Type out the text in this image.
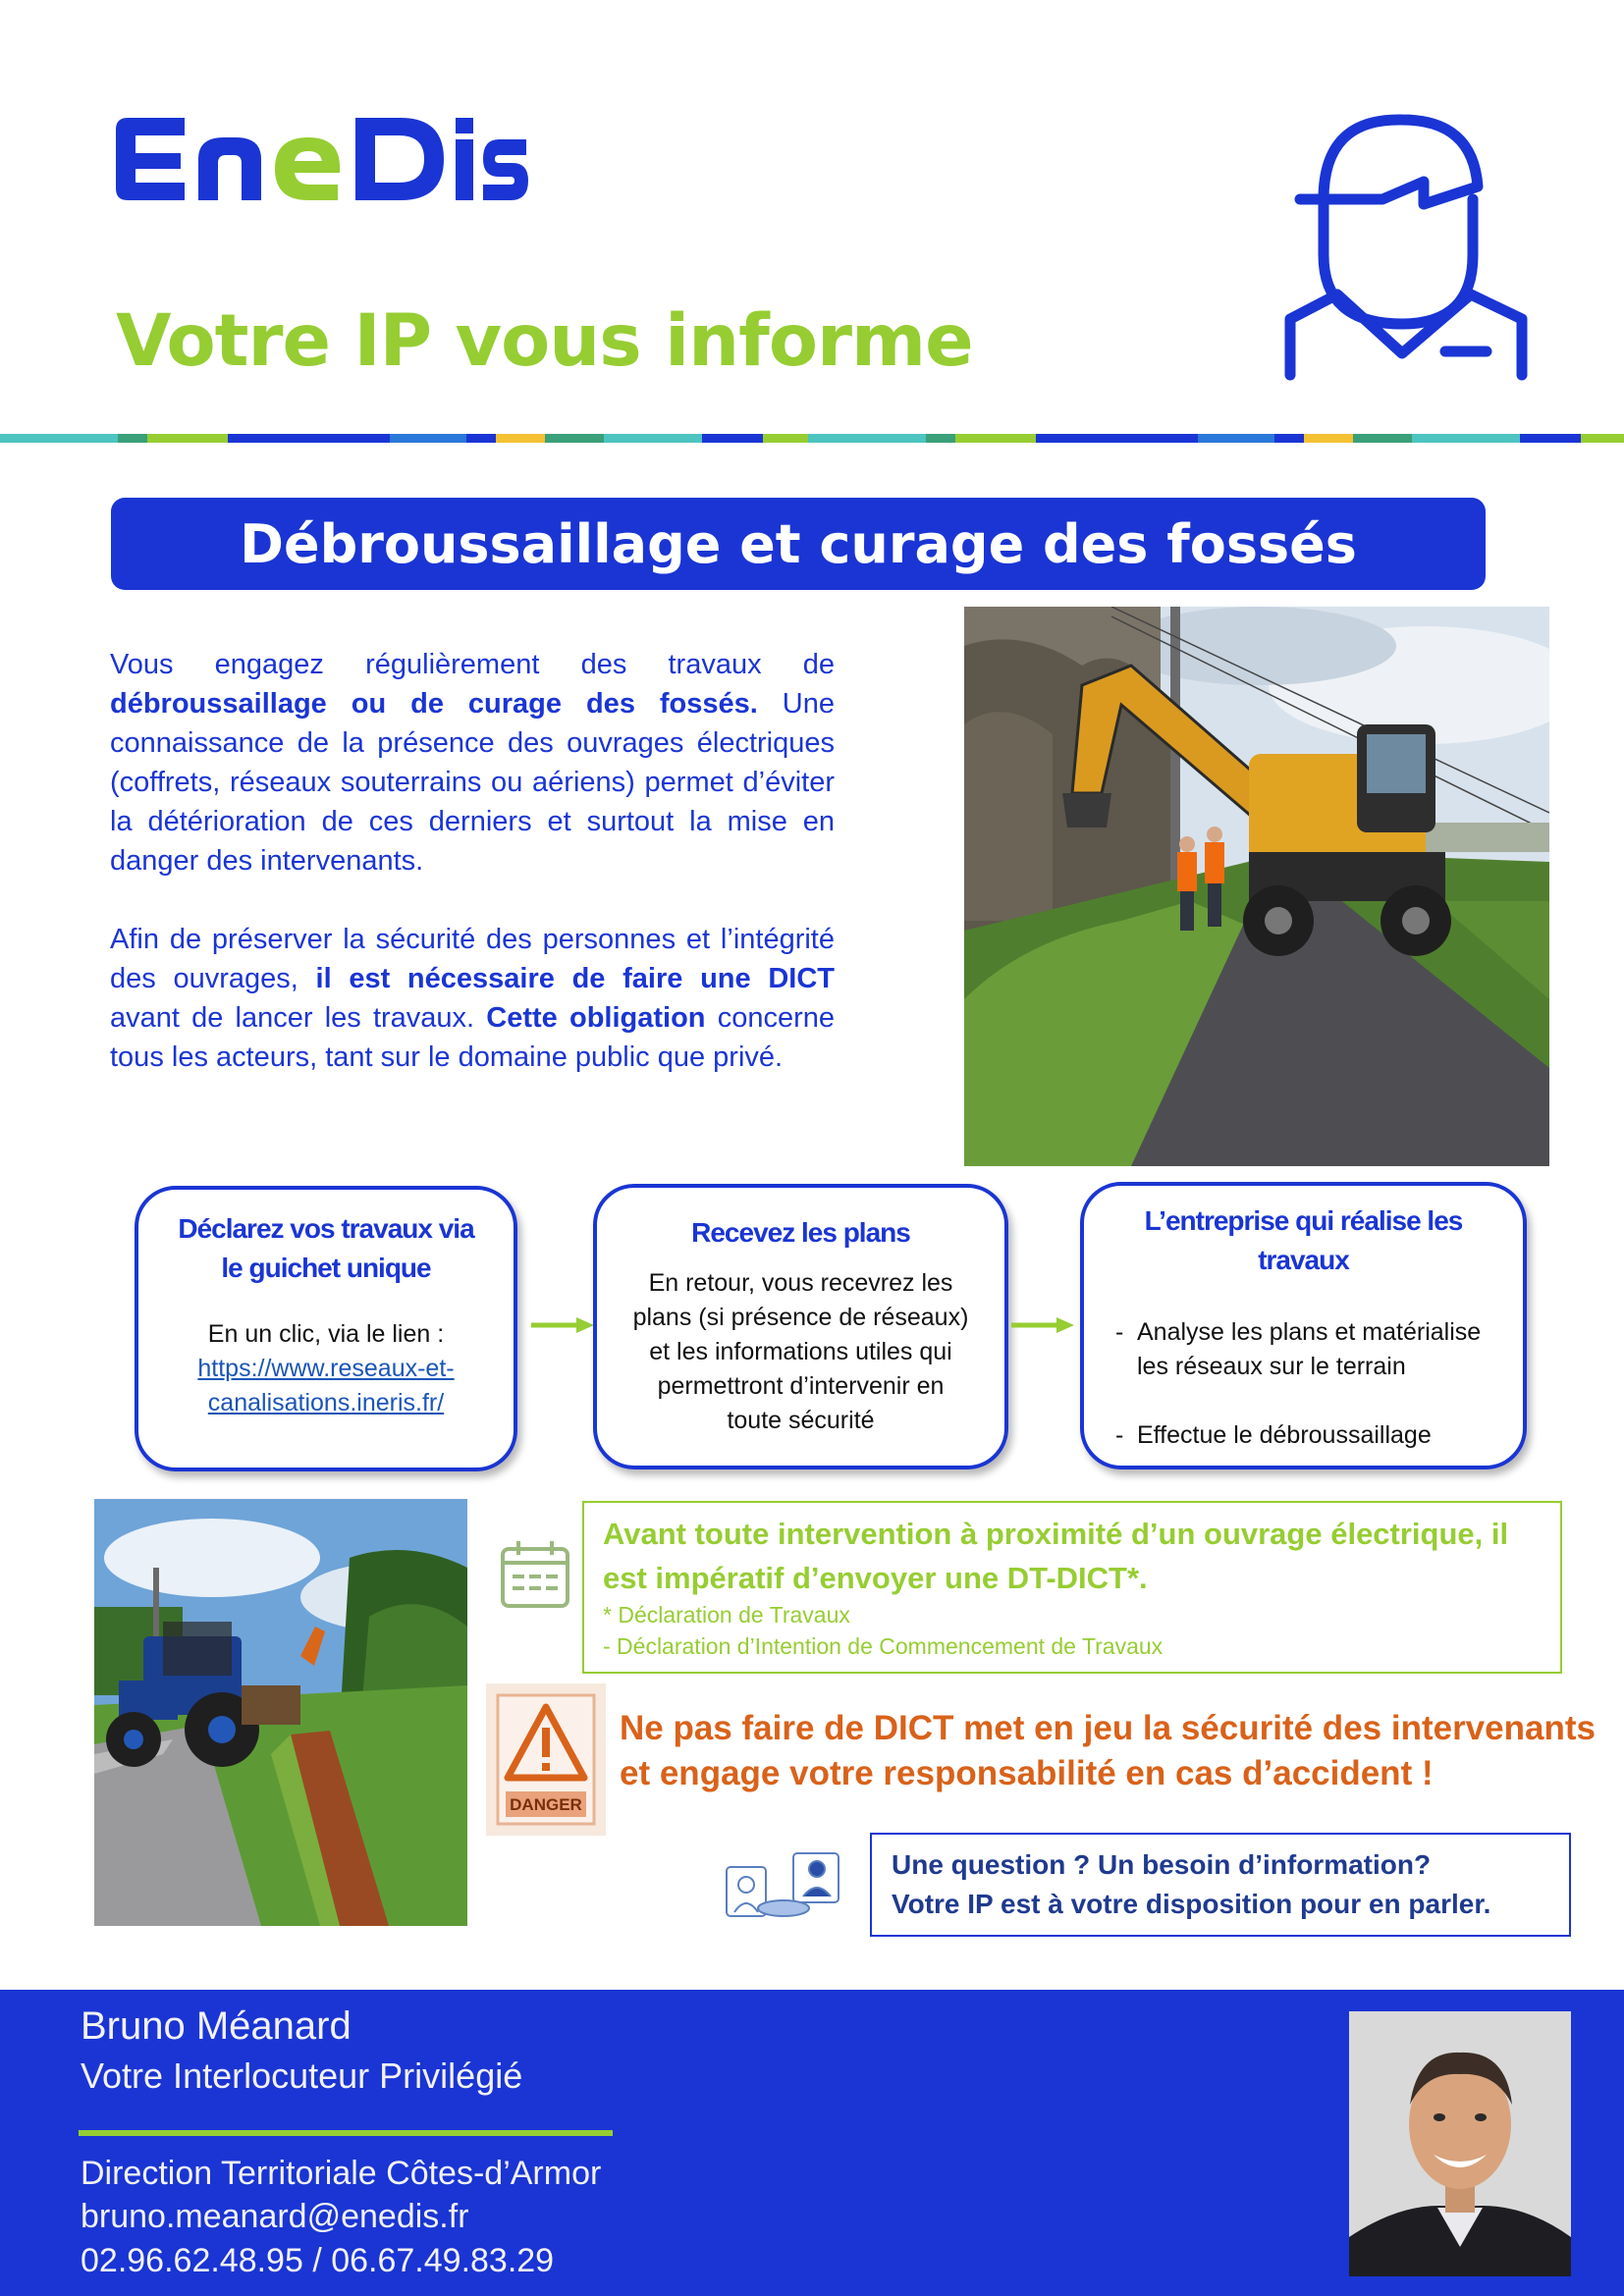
Votre IP vous informe
Débroussaillage et curage des fossés
Vous engagez régulièrement des travaux de débroussaillage ou de curage des fossés. Une connaissance de la présence des ouvrages électriques (coffrets, réseaux souterrains ou aériens) permet d’éviter la détérioration de ces derniers et surtout la mise en danger des intervenants.
Afin de préserver la sécurité des personnes et l’intégrité des ouvrages, il est nécessaire de faire une DICT avant de lancer les travaux. Cette obligation concerne tous les acteurs, tant sur le domaine public que privé.
Déclarez vos travaux via
le guichet unique
En un clic, via le lien :
https://www.reseaux-et-
canalisations.ineris.fr/
Recevez les plans
En retour, vous recevrez les
plans (si présence de réseaux)
et les informations utiles qui
permettront d’intervenir en
toute sécurité
L’entreprise qui réalise les
travaux
- Analyse les plans et matérialise
les réseaux sur le terrain
- Effectue le débroussaillage
Avant toute intervention à proximité d’un ouvrage électrique, il est impératif d’envoyer une DT-DICT*.
* Déclaration de Travaux
- Déclaration d’Intention de Commencement de Travaux
DANGER
Ne pas faire de DICT met en jeu la sécurité des intervenants et engage votre responsabilité en cas d’accident !
Une question ? Un besoin d’information?
Votre IP est à votre disposition pour en parler.
Bruno Méanard
Votre Interlocuteur Privilégié
Direction Territoriale Côtes-d’Armor
bruno.meanard@enedis.fr
02.96.62.48.95 / 06.67.49.83.29
